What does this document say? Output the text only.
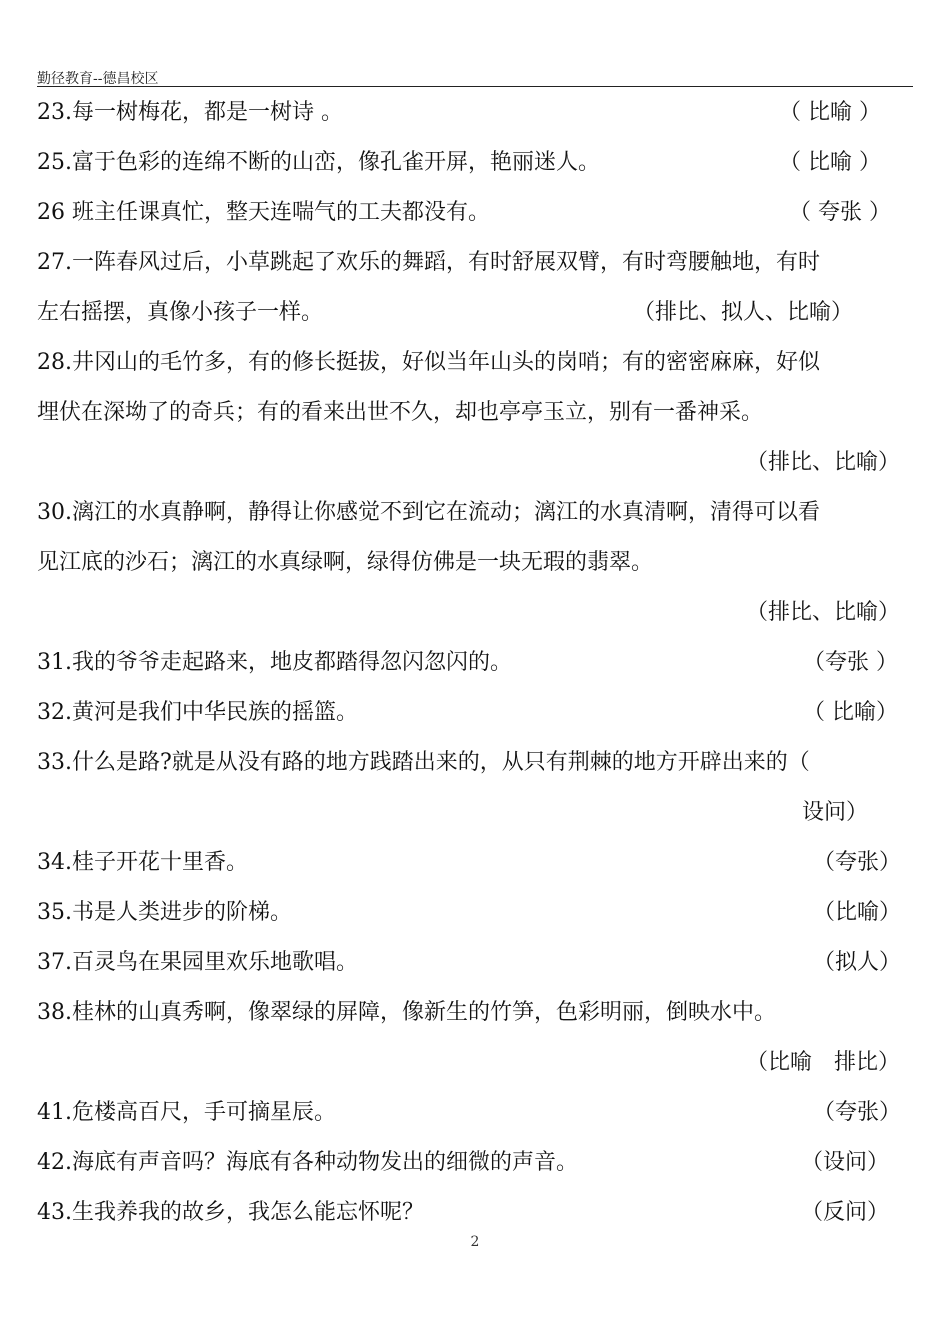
勤径教育--德昌校区
23.每一树梅花，都是一树诗 。	（ 比喻 ）
25.富于色彩的连绵不断的山峦，像孔雀开屏，艳丽迷人。	（ 比喻 ）
26 班主任课真忙，整天连喘气的工夫都没有。	（ 夸张 ）
27.一阵春风过后，小草跳起了欢乐的舞蹈，有时舒展双臂，有时弯腰触地，有时
左右摇摆，真像小孩子一样。	（排比、拟人、比喻）
28.井冈山的毛竹多，有的修长挺拔，好似当年山头的岗哨；有的密密麻麻，好似
埋伏在深坳了的奇兵；有的看来出世不久，却也亭亭玉立，别有一番神采。
（排比、比喻）
30.漓江的水真静啊，静得让你感觉不到它在流动；漓江的水真清啊，清得可以看
见江底的沙石；漓江的水真绿啊，绿得仿佛是一块无瑕的翡翠。
（排比、比喻）
31.我的爷爷走起路来，地皮都踏得忽闪忽闪的。	（夸张 ）
32.黄河是我们中华民族的摇篮。	（ 比喻）
33.什么是路?就是从没有路的地方践踏出来的，从只有荆棘的地方开辟出来的（
设问）
34.桂子开花十里香。	（夸张）
35.书是人类进步的阶梯。	（比喻）
37.百灵鸟在果园里欢乐地歌唱。	（拟人）
38.桂林的山真秀啊，像翠绿的屏障，像新生的竹笋，色彩明丽，倒映水中。
（比喻　排比）
41.危楼高百尺，手可摘星辰。	（夸张）
42.海底有声音吗？海底有各种动物发出的细微的声音。	（设问）
43.生我养我的故乡，我怎么能忘怀呢？	（反问）
2
